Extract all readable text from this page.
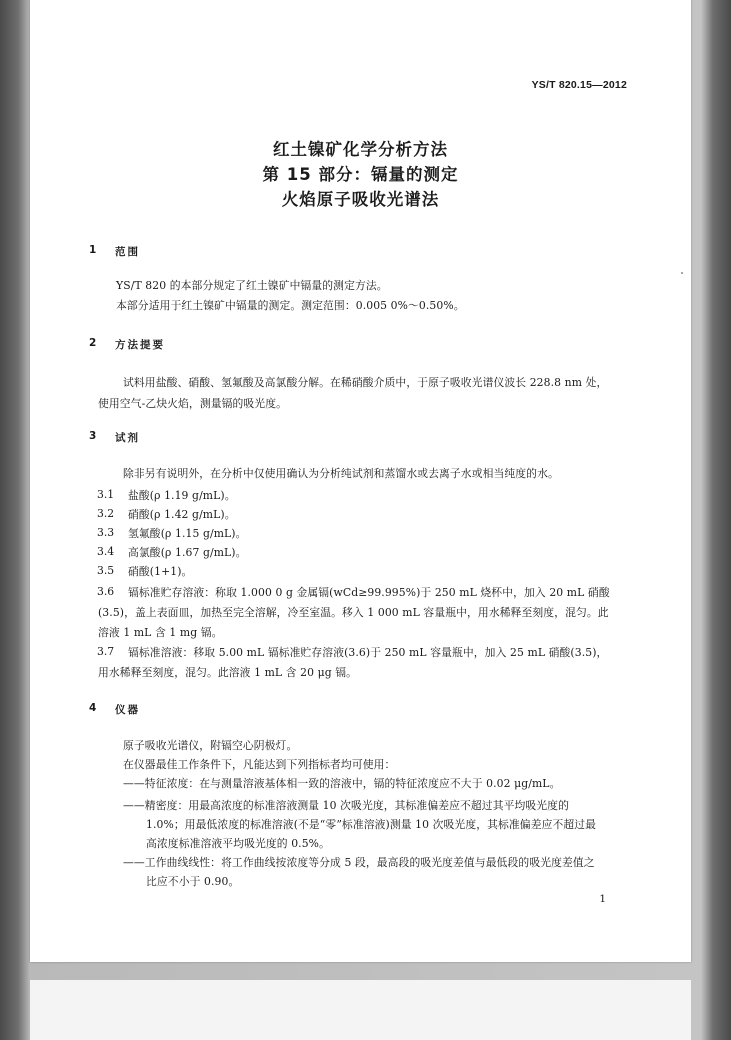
YS/T 820.15—2012
红土镍矿化学分析方法
第 15 部分：镉量的测定
火焰原子吸收光谱法
1 范围
YS/T 820 的本部分规定了红土镍矿中镉量的测定方法。
本部分适用于红土镍矿中镉量的测定。测定范围：0.005 0%～0.50%。
2 方法提要
试料用盐酸、硝酸、氢氟酸及高氯酸分解。在稀硝酸介质中，于原子吸收光谱仪波长 228.8 nm 处，
使用空气-乙炔火焰，测量镉的吸光度。
3 试剂
除非另有说明外，在分析中仅使用确认为分析纯试剂和蒸馏水或去离子水或相当纯度的水。
3.1 盐酸(ρ 1.19 g/mL)。
3.2 硝酸(ρ 1.42 g/mL)。
3.3 氢氟酸(ρ 1.15 g/mL)。
3.4 高氯酸(ρ 1.67 g/mL)。
3.5 硝酸(1+1)。
3.6 镉标准贮存溶液：称取 1.000 0 g 金属镉(wCd≥99.995%)于 250 mL 烧杯中，加入 20 mL 硝酸
(3.5)，盖上表面皿，加热至完全溶解，冷至室温。移入 1 000 mL 容量瓶中，用水稀释至刻度，混匀。此
溶液 1 mL 含 1 mg 镉。
3.7 镉标准溶液：移取 5.00 mL 镉标准贮存溶液(3.6)于 250 mL 容量瓶中，加入 25 mL 硝酸(3.5)，
用水稀释至刻度，混匀。此溶液 1 mL 含 20 μg 镉。
4 仪器
原子吸收光谱仪，附镉空心阴极灯。
在仪器最佳工作条件下，凡能达到下列指标者均可使用：
——特征浓度：在与测量溶液基体相一致的溶液中，镉的特征浓度应不大于 0.02 μg/mL。
——精密度：用最高浓度的标准溶液测量 10 次吸光度，其标准偏差应不超过其平均吸光度的
1.0%；用最低浓度的标准溶液(不是“零”标准溶液)测量 10 次吸光度，其标准偏差应不超过最
高浓度标准溶液平均吸光度的 0.5%。
——工作曲线线性：将工作曲线按浓度等分成 5 段，最高段的吸光度差值与最低段的吸光度差值之
比应不小于 0.90。
1
